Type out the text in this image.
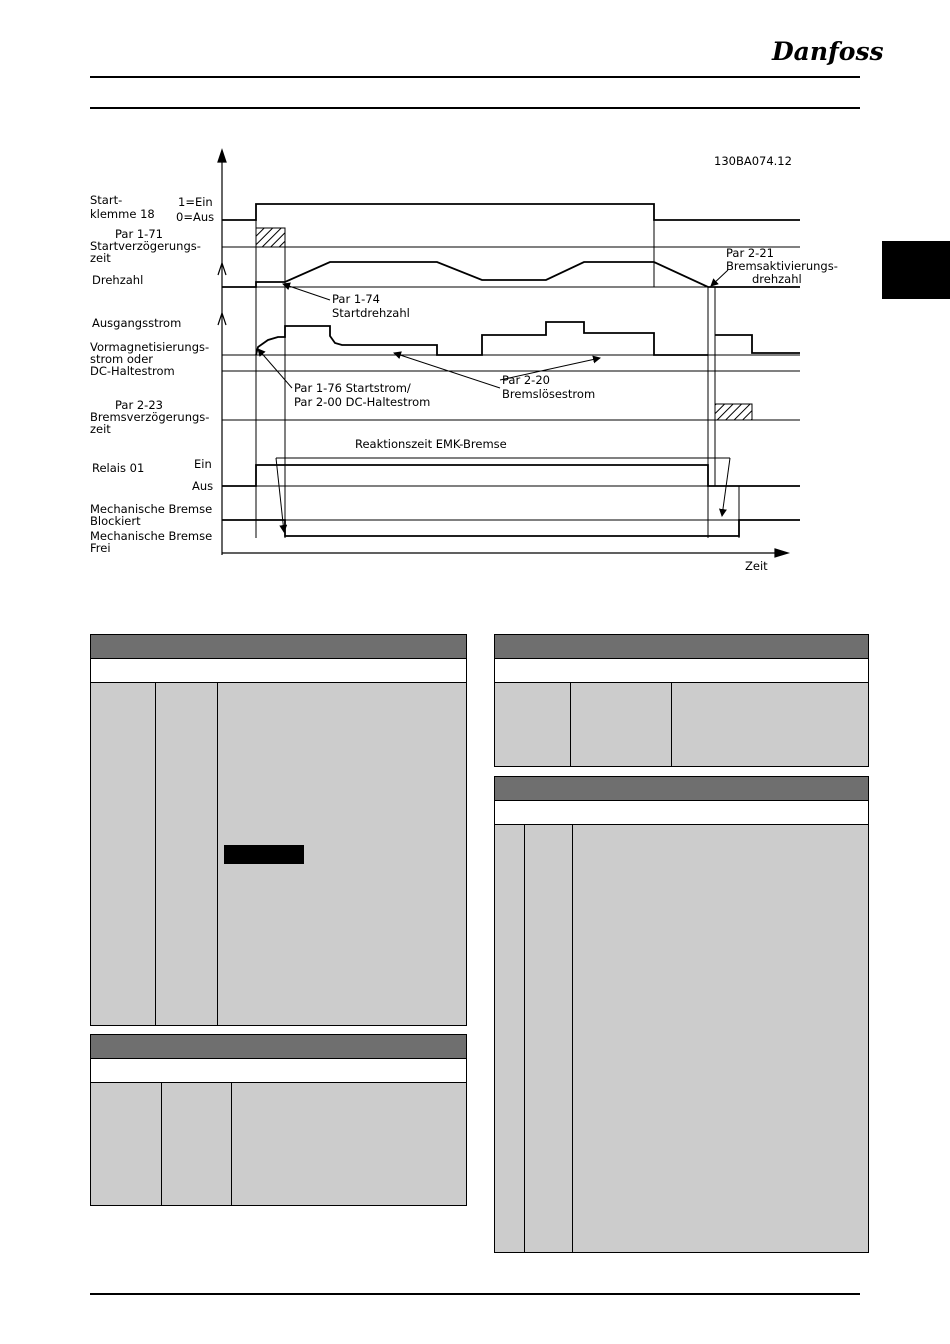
Danfoss
Start-
klemme 18
1=Ein
0=Aus
Par 1-71
Startverzögerungs-
zeit
Drehzahl
Ausgangsstrom
Vormagnetisierungs-
strom oder
DC-Haltestrom
Par 2-23
Bremsverzögerungs-
zeit
Ein
Relais 01
Aus
Mechanische Bremse
Blockiert
Mechanische Bremse
Frei
130BA074.12
Par 1-74
Startdrehzahl
Par 1-76 Startstrom/
Par 2-00 DC-Haltestrom
Par 2-20
Bremslösestrom
Par 2-21
Bremsaktivierungs-
drehzahl
Reaktionszeit EMK-Bremse
Zeit
